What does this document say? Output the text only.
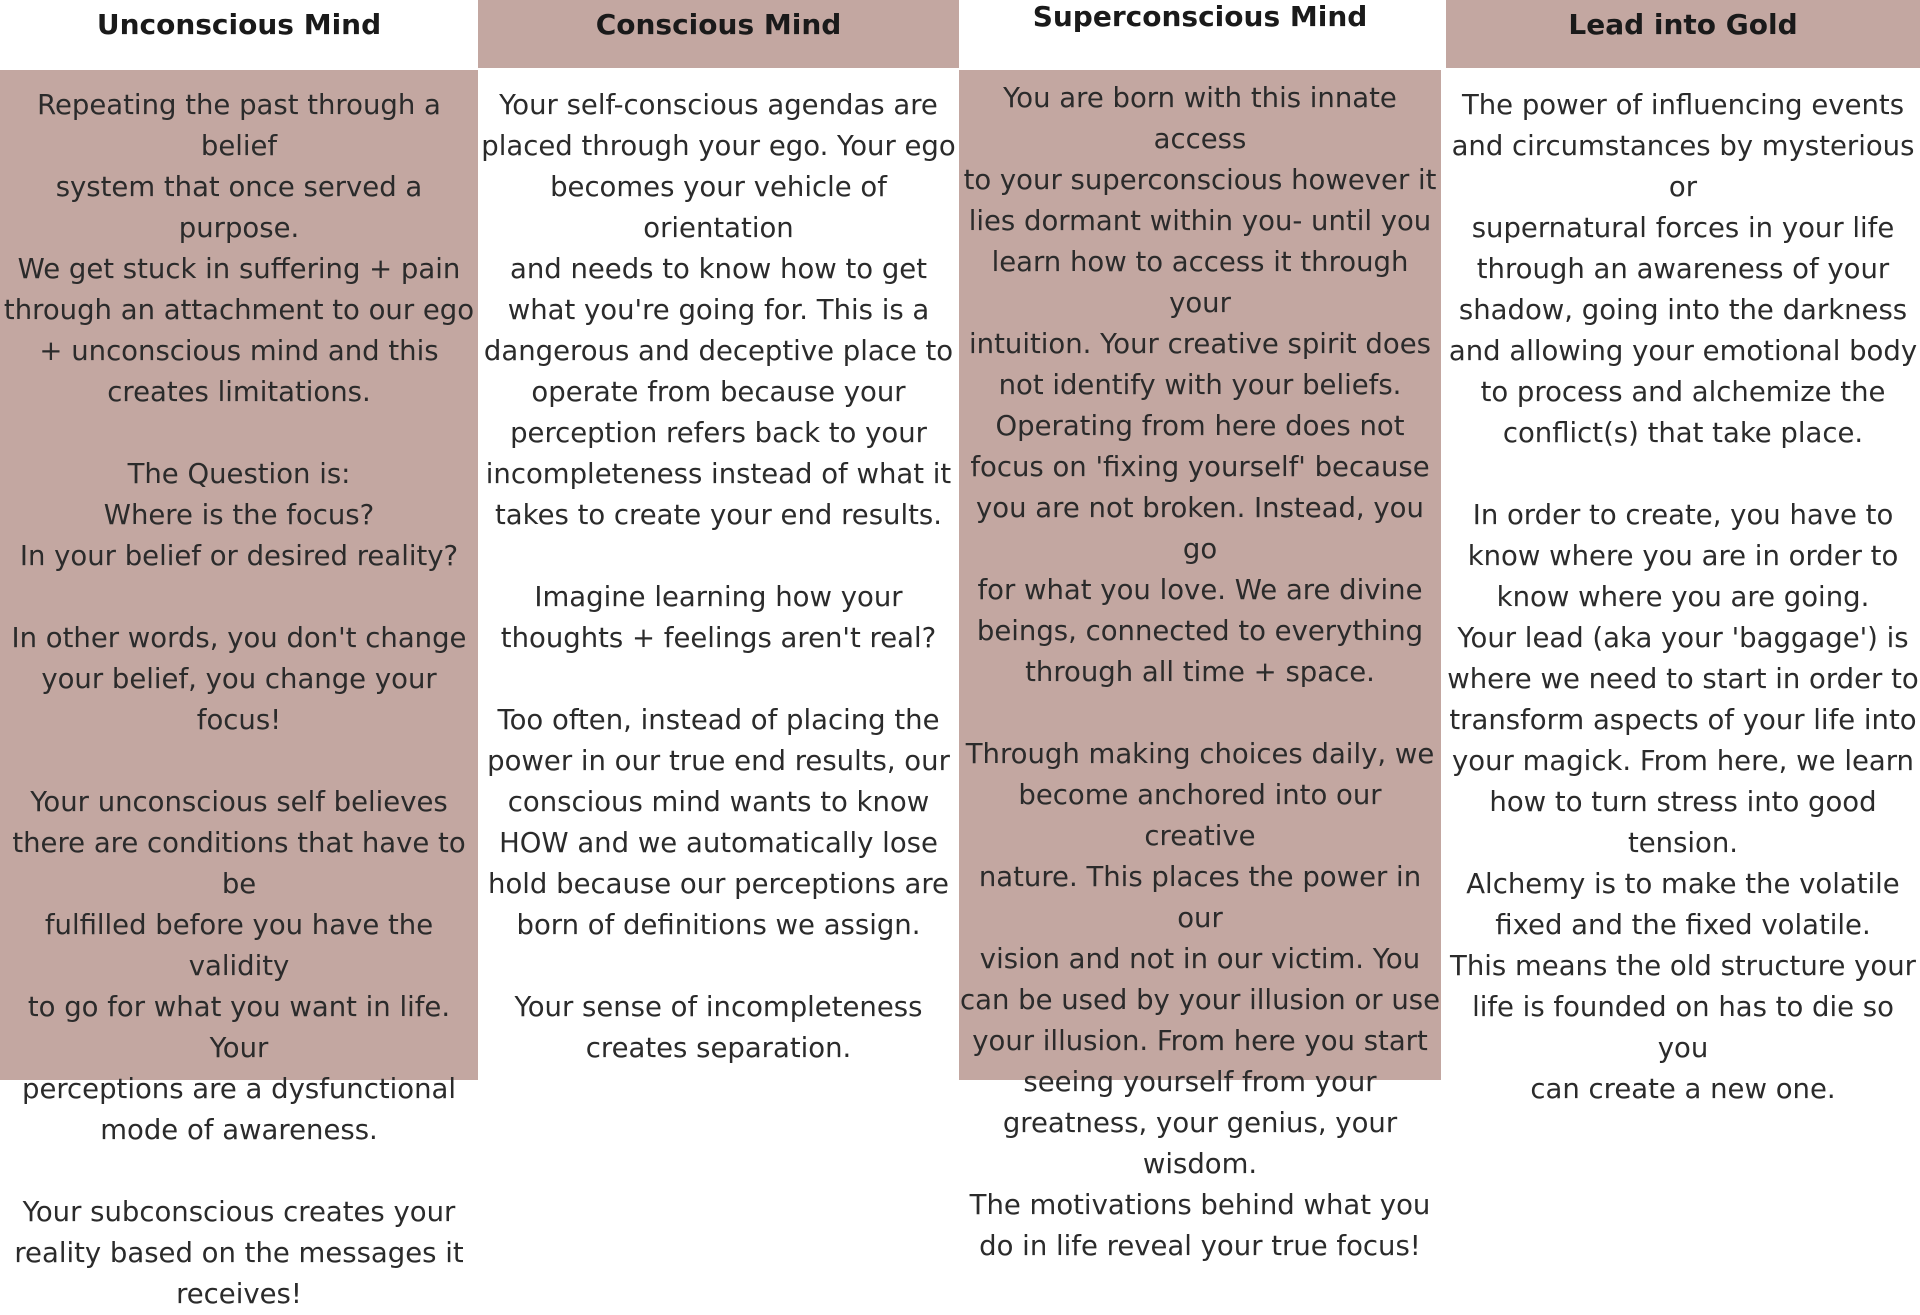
Unconscious Mind
Repeating the past through a belief
system that once served a purpose.
We get stuck in suffering + pain
through an attachment to our ego
+ unconscious mind and this
creates limitations.

The Question is:
Where is the focus?
In your belief or desired reality?

In other words, you don't change
your belief, you change your focus!

Your unconscious self believes
there are conditions that have to be
fulfilled before you have the validity
to go for what you want in life. Your
perceptions are a dysfunctional
mode of awareness.

Your subconscious creates your
reality based on the messages it
receives!
Conscious Mind
Your self-conscious agendas are
placed through your ego. Your ego
becomes your vehicle of orientation
and needs to know how to get
what you're going for. This is a
dangerous and deceptive place to
operate from because your
perception refers back to your
incompleteness instead of what it
takes to create your end results.

Imagine learning how your
thoughts + feelings aren't real?

Too often, instead of placing the
power in our true end results, our
conscious mind wants to know
HOW and we automatically lose
hold because our perceptions are
born of definitions we assign.

Your sense of incompleteness
creates separation.
Superconscious Mind
You are born with this innate access
to your superconscious however it
lies dormant within you- until you
learn how to access it through your
intuition. Your creative spirit does
not identify with your beliefs.
Operating from here does not
focus on 'fixing yourself' because
you are not broken. Instead, you go
for what you love. We are divine
beings, connected to everything
through all time + space.

Through making choices daily, we
become anchored into our creative
nature. This places the power in our
vision and not in our victim. You
can be used by your illusion or use
your illusion. From here you start
seeing yourself from your
greatness, your genius, your
wisdom.
The motivations behind what you
do in life reveal your true focus!
Lead into Gold
The power of influencing events
and circumstances by mysterious or
supernatural forces in your life
through an awareness of your
shadow, going into the darkness
and allowing your emotional body
to process and alchemize the
conflict(s) that take place.

In order to create, you have to
know where you are in order to
know where you are going.
Your lead (aka your 'baggage') is
where we need to start in order to
transform aspects of your life into
your magick. From here, we learn
how to turn stress into good
tension.
Alchemy is to make the volatile
fixed and the fixed volatile.
This means the old structure your
life is founded on has to die so you
can create a new one.
